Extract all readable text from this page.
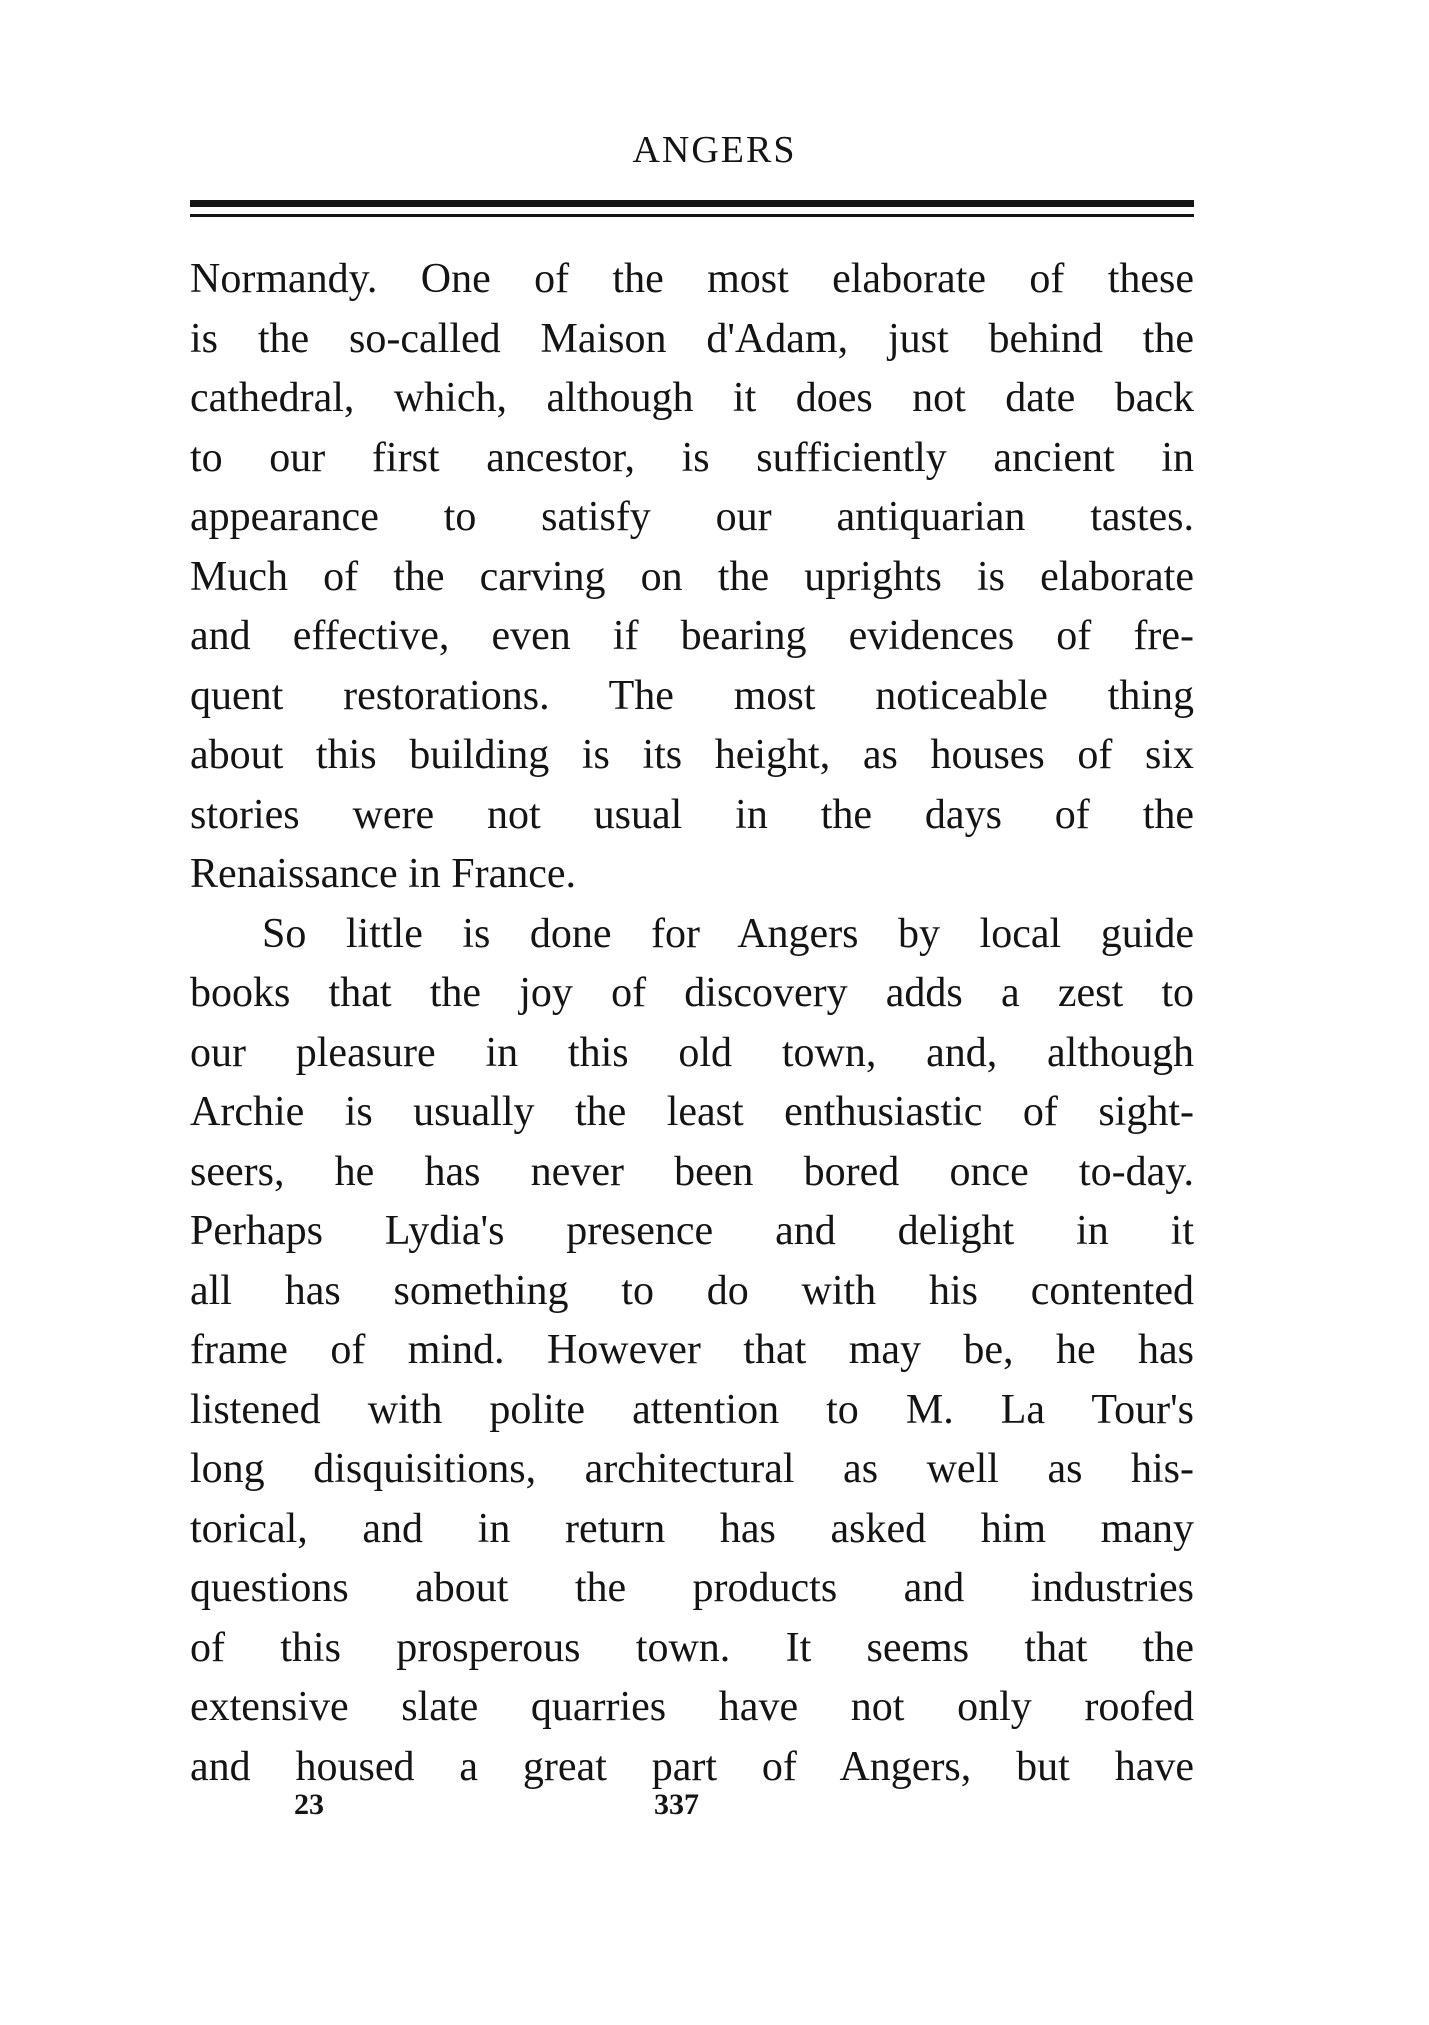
ANGERS
Normandy. One of the most elaborate of these
is the so-called Maison d'Adam, just behind the
cathedral, which, although it does not date back
to our first ancestor, is sufficiently ancient in
appearance to satisfy our antiquarian tastes.
Much of the carving on the uprights is elaborate
and effective, even if bearing evidences of fre-
quent restorations. The most noticeable thing
about this building is its height, as houses of six
stories were not usual in the days of the
Renaissance in France.
So little is done for Angers by local guide
books that the joy of discovery adds a zest to
our pleasure in this old town, and, although
Archie is usually the least enthusiastic of sight-
seers, he has never been bored once to-day.
Perhaps Lydia's presence and delight in it
all has something to do with his contented
frame of mind. However that may be, he has
listened with polite attention to M. La Tour's
long disquisitions, architectural as well as his-
torical, and in return has asked him many
questions about the products and industries
of this prosperous town. It seems that the
extensive slate quarries have not only roofed
and housed a great part of Angers, but have
23	337
